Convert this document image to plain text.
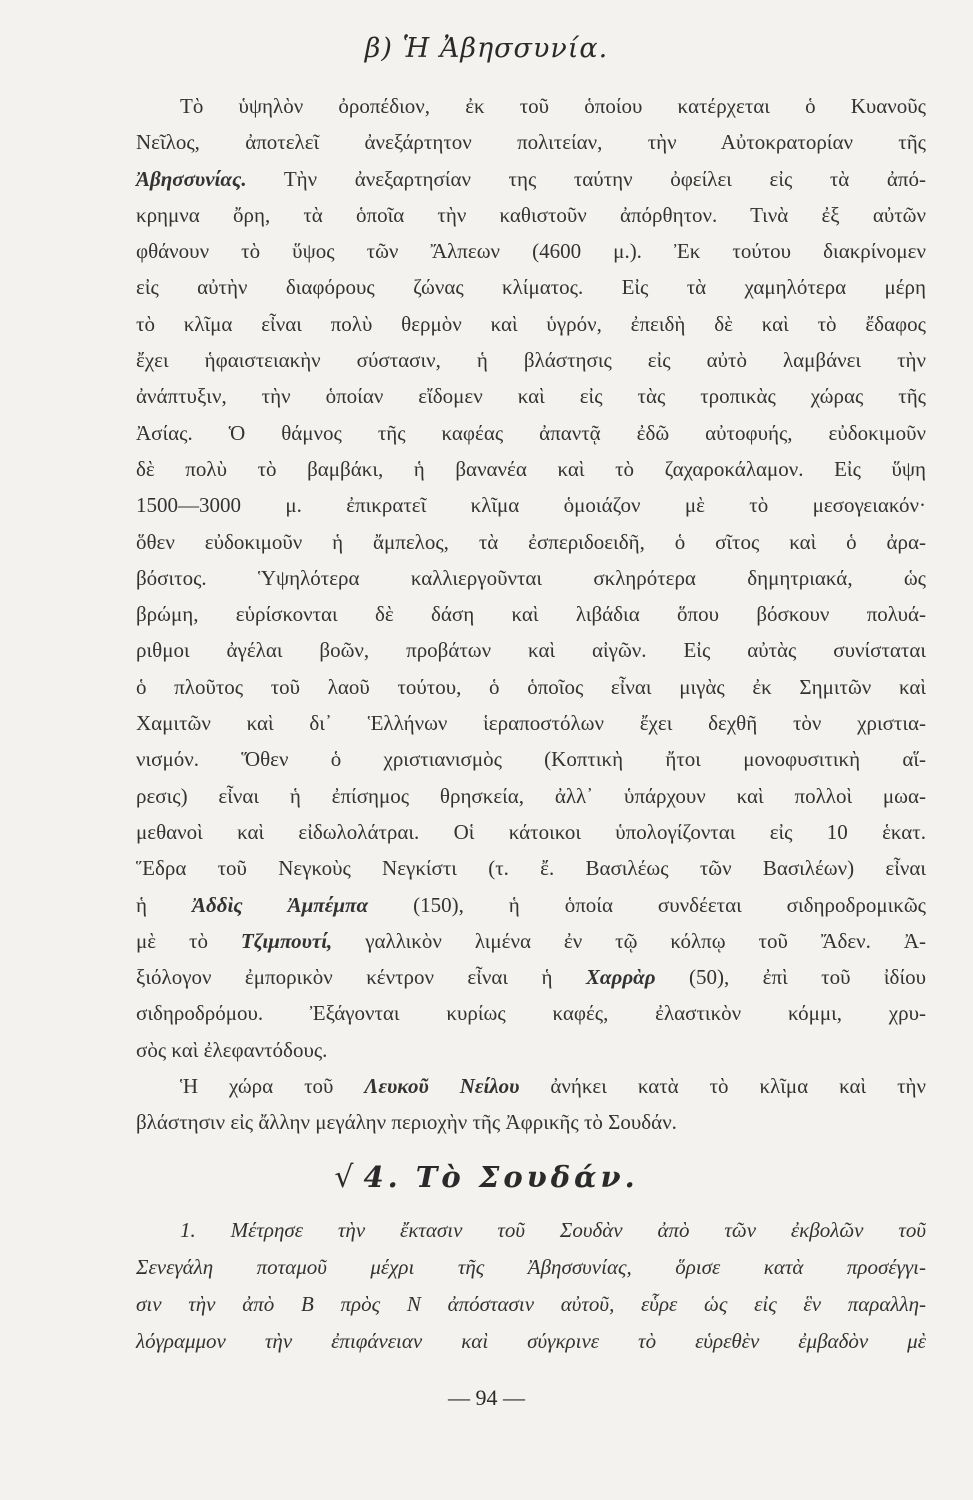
β) Ἡ Ἀβησσυνία.

Τὸ ὑψηλὸν ὀροπέδιον, ἐκ τοῦ ὁποίου κατέρχεται ὁ Κυανοῦς
Νεῖλος, ἀποτελεῖ ἀνεξάρτητον πολιτείαν, τὴν Αὐτοκρατορίαν τῆς
Ἀβησσυνίας. Τὴν ἀνεξαρτησίαν της ταύτην ὀφείλει εἰς τὰ ἀπό-
κρημνα ὄρη, τὰ ὁποῖα τὴν καθιστοῦν ἀπόρθητον. Τινὰ ἐξ αὐτῶν
φθάνουν τὸ ὕψος τῶν Ἄλπεων (4600 μ.). Ἐκ τούτου διακρίνομεν
εἰς αὐτὴν διαφόρους ζώνας κλίματος. Εἰς τὰ χαμηλότερα μέρη
τὸ κλῖμα εἶναι πολὺ θερμὸν καὶ ὑγρόν, ἐπειδὴ δὲ καὶ τὸ ἔδαφος
ἔχει ἡφαιστειακὴν σύστασιν, ἡ βλάστησις εἰς αὐτὸ λαμβάνει τὴν
ἀνάπτυξιν, τὴν ὁποίαν εἴδομεν καὶ εἰς τὰς τροπικὰς χώρας τῆς
Ἀσίας. Ὁ θάμνος τῆς καφέας ἀπαντᾷ ἐδῶ αὐτοφυής, εὐδοκιμοῦν
δὲ πολὺ τὸ βαμβάκι, ἡ βανανέα καὶ τὸ ζαχαροκάλαμον. Εἰς ὕψη
1500—3000 μ. ἐπικρατεῖ κλῖμα ὁμοιάζον μὲ τὸ μεσογειακόν·
ὅθεν εὐδοκιμοῦν ἡ ἄμπελος, τὰ ἐσπεριδοειδῆ, ὁ σῖτος καὶ ὁ ἀρα-
βόσιτος. Ὑψηλότερα καλλιεργοῦνται σκληρότερα δημητριακά, ὡς
βρώμη, εὑρίσκονται δὲ δάση καὶ λιβάδια ὅπου βόσκουν πολυά-
ριθμοι ἀγέλαι βοῶν, προβάτων καὶ αἰγῶν. Εἰς αὐτὰς συνίσταται
ὁ πλοῦτος τοῦ λαοῦ τούτου, ὁ ὁποῖος εἶναι μιγὰς ἐκ Σημιτῶν καὶ
Χαμιτῶν καὶ δι᾽ Ἑλλήνων ἱεραποστόλων ἔχει δεχθῆ τὸν χριστια-
νισμόν. Ὅθεν ὁ χριστιανισμὸς (Κοπτικὴ ἤτοι μονοφυσιτικὴ αἵ-
ρεσις) εἶναι ἡ ἐπίσημος θρησκεία, ἀλλ᾽ ὑπάρχουν καὶ πολλοὶ μωα-
μεθανοὶ καὶ εἰδωλολάτραι. Οἱ κάτοικοι ὑπολογίζονται εἰς 10 ἑκατ.
Ἕδρα τοῦ Νεγκοὺς Νεγκίστι (τ. ἔ. Βασιλέως τῶν Βασιλέων) εἶναι
ἡ Ἀδδὶς Ἀμπέμπα (150), ἡ ὁποία συνδέεται σιδηροδρομικῶς
μὲ τὸ Τζιμπουτί, γαλλικὸν λιμένα ἐν τῷ κόλπῳ τοῦ Ἄδεν. Ἀ-
ξιόλογον ἐμπορικὸν κέντρον εἶναι ἡ Χαρρὰρ (50), ἐπὶ τοῦ ἰδίου
σιδηροδρόμου. Ἐξάγονται κυρίως καφές, ἐλαστικὸν κόμμι, χρυ-
σὸς καὶ ἐλεφαντόδους.

Ἡ χώρα τοῦ Λευκοῦ Νείλου ἀνήκει κατὰ τὸ κλῖμα καὶ τὴν
βλάστησιν εἰς ἄλλην μεγάλην περιοχὴν τῆς Ἀφρικῆς τὸ Σουδάν.

√ 4. Τὸ Σουδάν.
1. Μέτρησε τὴν ἔκτασιν τοῦ Σουδὰν ἀπὸ τῶν ἐκβολῶν τοῦ
Σενεγάλη ποταμοῦ μέχρι τῆς Ἀβησσυνίας, ὅρισε κατὰ προσέγγι-
σιν τὴν ἀπὸ Β πρὸς Ν ἀπόστασιν αὐτοῦ, εὗρε ὡς εἰς ἓν παραλλη-
λόγραμμον τὴν ἐπιφάνειαν καὶ σύγκρινε τὸ εὑρεθὲν ἐμβαδὸν μὲ
— 94 —
